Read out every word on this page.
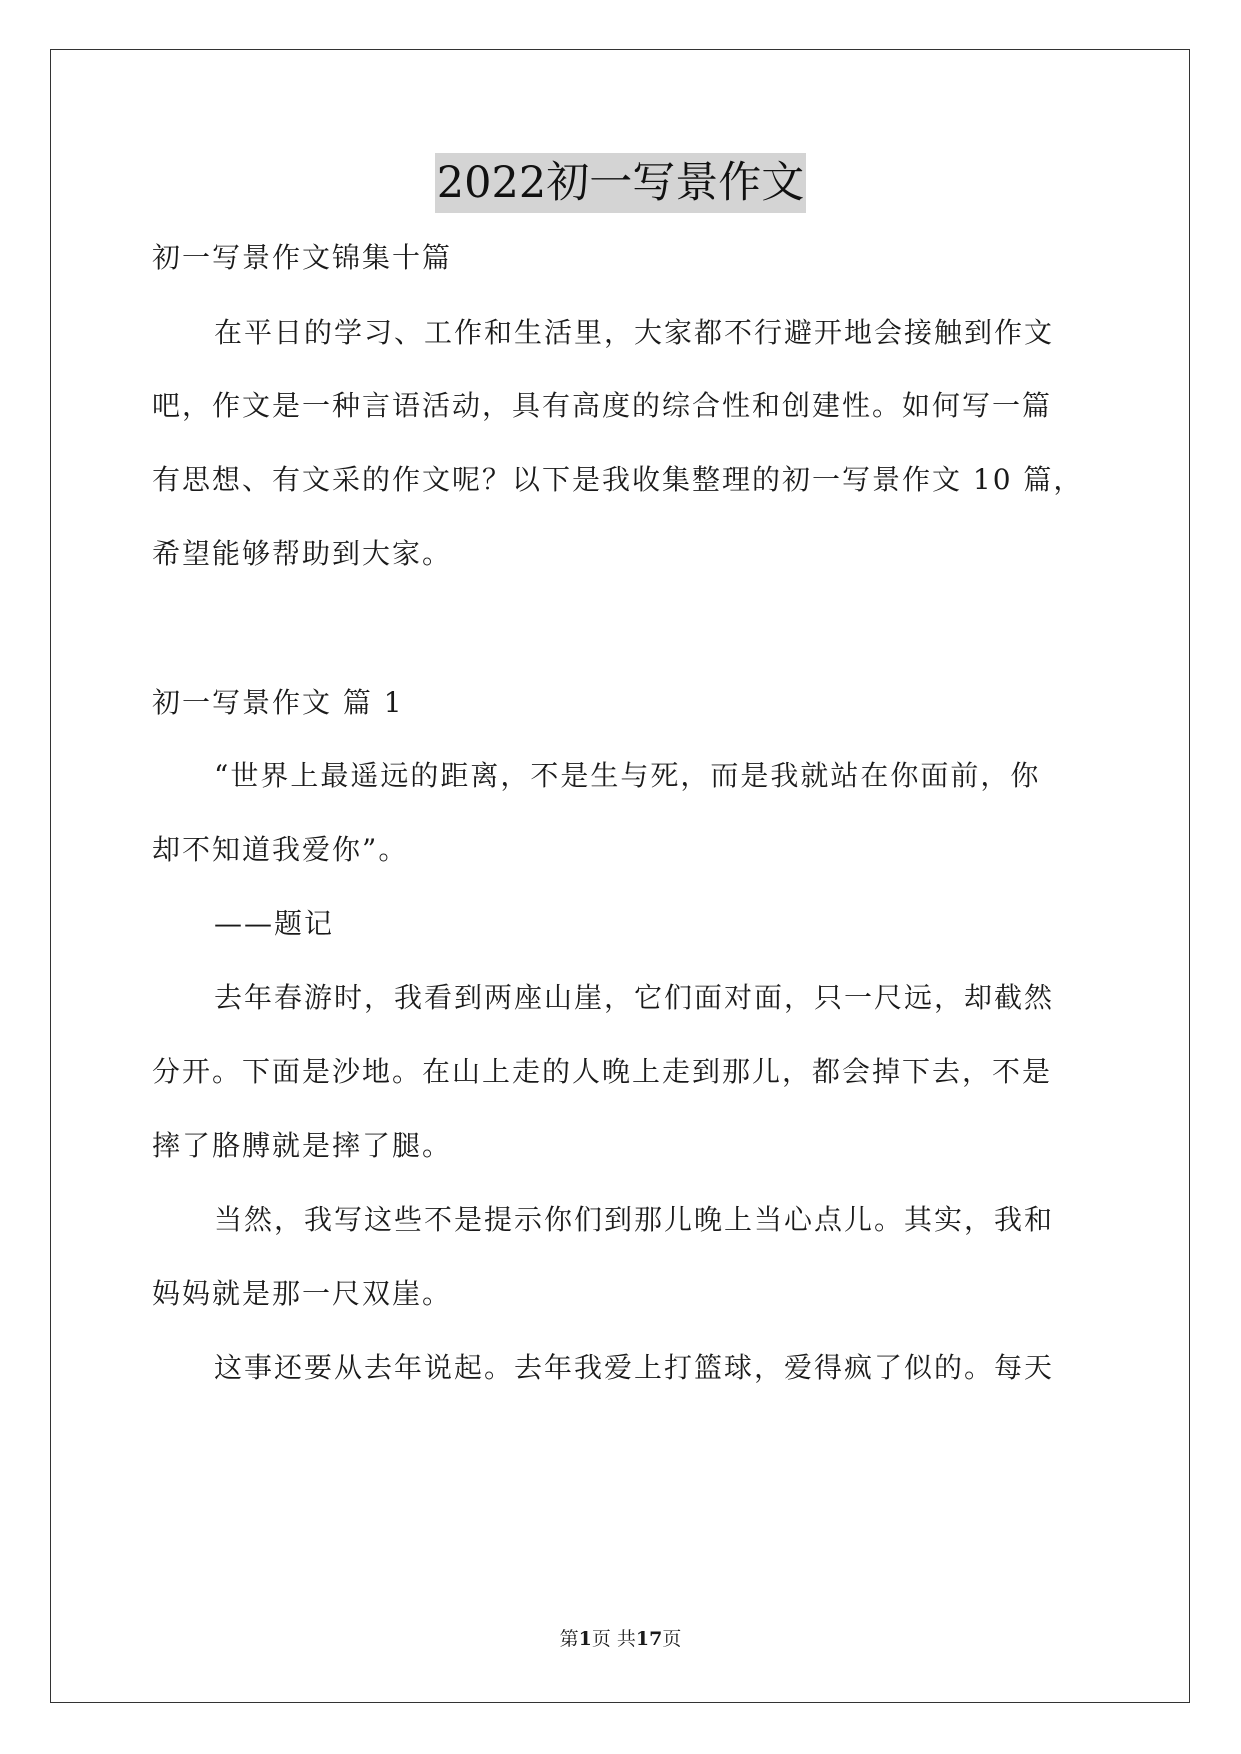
2022初一写景作文
初一写景作文锦集十篇
在平日的学习、工作和生活里，大家都不行避开地会接触到作文
吧，作文是一种言语活动，具有高度的综合性和创建性。如何写一篇
有思想、有文采的作文呢？以下是我收集整理的初一写景作文 10 篇，
希望能够帮助到大家。
初一写景作文 篇 1
“世界上最遥远的距离，不是生与死，而是我就站在你面前，你
却不知道我爱你”。
——题记
去年春游时，我看到两座山崖，它们面对面，只一尺远，却截然
分开。下面是沙地。在山上走的人晚上走到那儿，都会掉下去，不是
摔了胳膊就是摔了腿。
当然，我写这些不是提示你们到那儿晚上当心点儿。其实，我和
妈妈就是那一尺双崖。
这事还要从去年说起。去年我爱上打篮球，爱得疯了似的。每天
第1页 共17页
